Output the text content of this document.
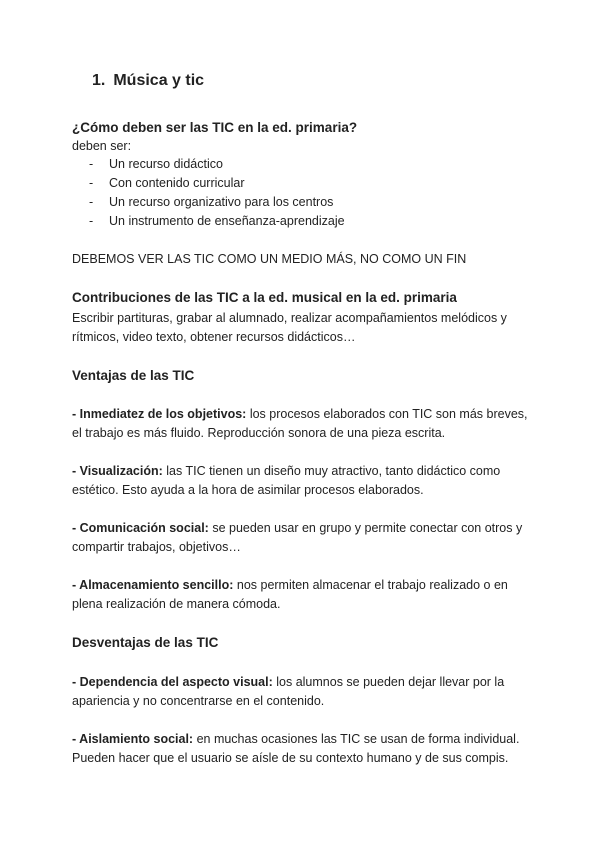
1. Música y tic
¿Cómo deben ser las TIC en la ed. primaria?

deben ser:

- Un recurso didáctico
- Con contenido curricular
- Un recurso organizativo para los centros
- Un instrumento de enseñanza-aprendizaje

DEBEMOS VER LAS TIC COMO UN MEDIO MÁS, NO COMO UN FIN

Contribuciones de las TIC a la ed. musical en la ed. primaria

Escribir partituras, grabar al alumnado, realizar acompañamientos melódicos y
rítmicos, video texto, obtener recursos didácticos…

Ventajas de las TIC

- Inmediatez de los objetivos: los procesos elaborados con TIC son más breves,
el trabajo es más fluido. Reproducción sonora de una pieza escrita.

- Visualización: las TIC tienen un diseño muy atractivo, tanto didáctico como
estético. Esto ayuda a la hora de asimilar procesos elaborados.

- Comunicación social: se pueden usar en grupo y permite conectar con otros y
compartir trabajos, objetivos…

- Almacenamiento sencillo: nos permiten almacenar el trabajo realizado o en
plena realización de manera cómoda.

Desventajas de las TIC

- Dependencia del aspecto visual: los alumnos se pueden dejar llevar por la
apariencia y no concentrarse en el contenido.

- Aislamiento social: en muchas ocasiones las TIC se usan de forma individual.
Pueden hacer que el usuario se aísle de su contexto humano y de sus compis.
